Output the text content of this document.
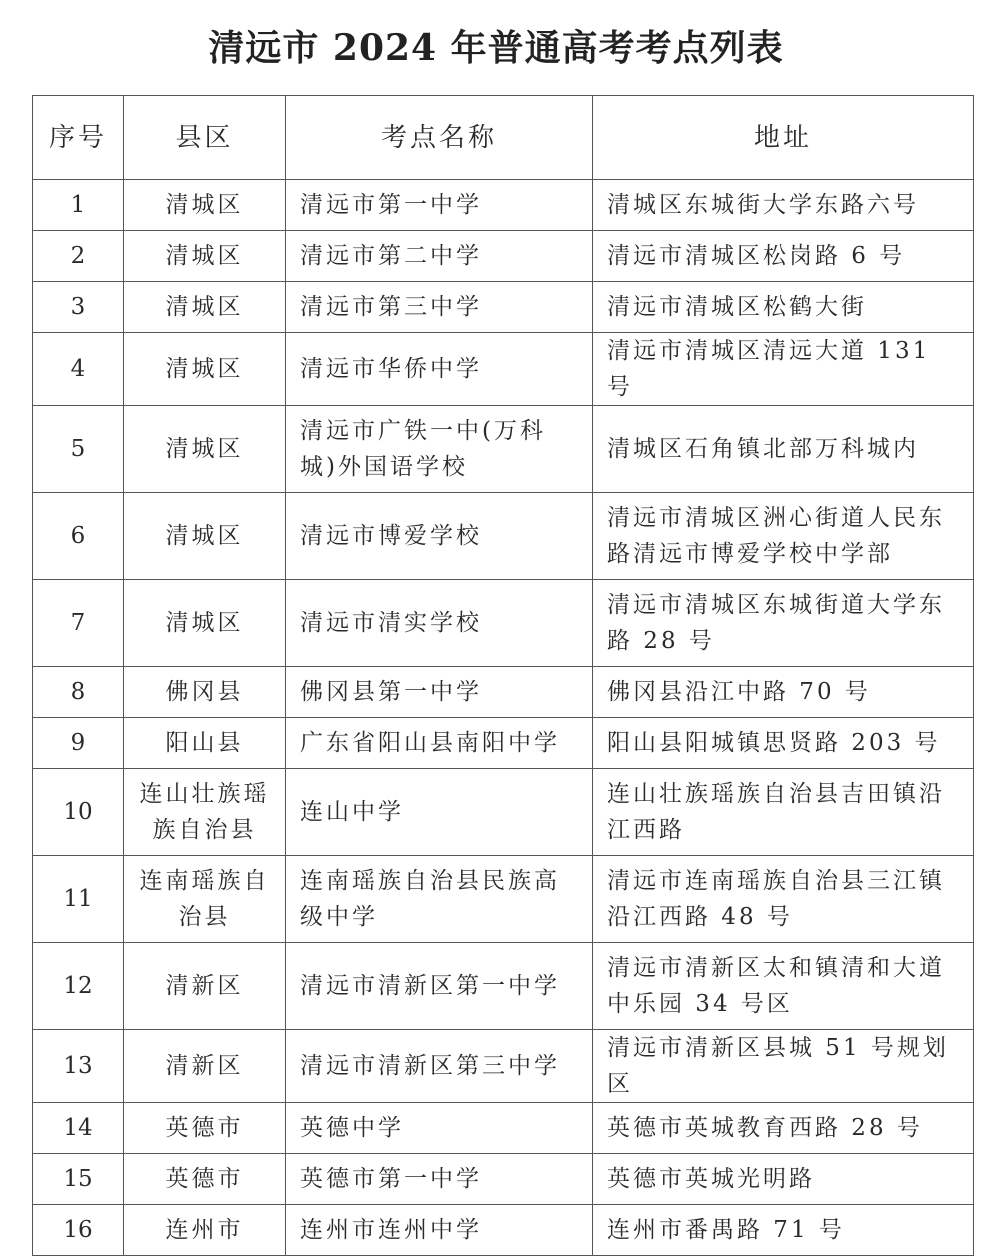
清远市 2024 年普通高考考点列表
序号	县区	考点名称	地址
1	清城区	清远市第一中学	清城区东城街大学东路六号
2	清城区	清远市第二中学	清远市清城区松岗路 6 号
3	清城区	清远市第三中学	清远市清城区松鹤大街
4	清城区	清远市华侨中学	清远市清城区清远大道 131 号
5	清城区	清远市广铁一中(万科城)外国语学校	清城区石角镇北部万科城内
6	清城区	清远市博爱学校	清远市清城区洲心街道人民东路清远市博爱学校中学部
7	清城区	清远市清实学校	清远市清城区东城街道大学东路 28 号
8	佛冈县	佛冈县第一中学	佛冈县沿江中路 70 号
9	阳山县	广东省阳山县南阳中学	阳山县阳城镇思贤路 203 号
10	连山壮族瑶族自治县	连山中学	连山壮族瑶族自治县吉田镇沿江西路
11	连南瑶族自治县	连南瑶族自治县民族高级中学	清远市连南瑶族自治县三江镇沿江西路 48 号
12	清新区	清远市清新区第一中学	清远市清新区太和镇清和大道中乐园 34 号区
13	清新区	清远市清新区第三中学	清远市清新区县城 51 号规划区
14	英德市	英德中学	英德市英城教育西路 28 号
15	英德市	英德市第一中学	英德市英城光明路
16	连州市	连州市连州中学	连州市番禺路 71 号
